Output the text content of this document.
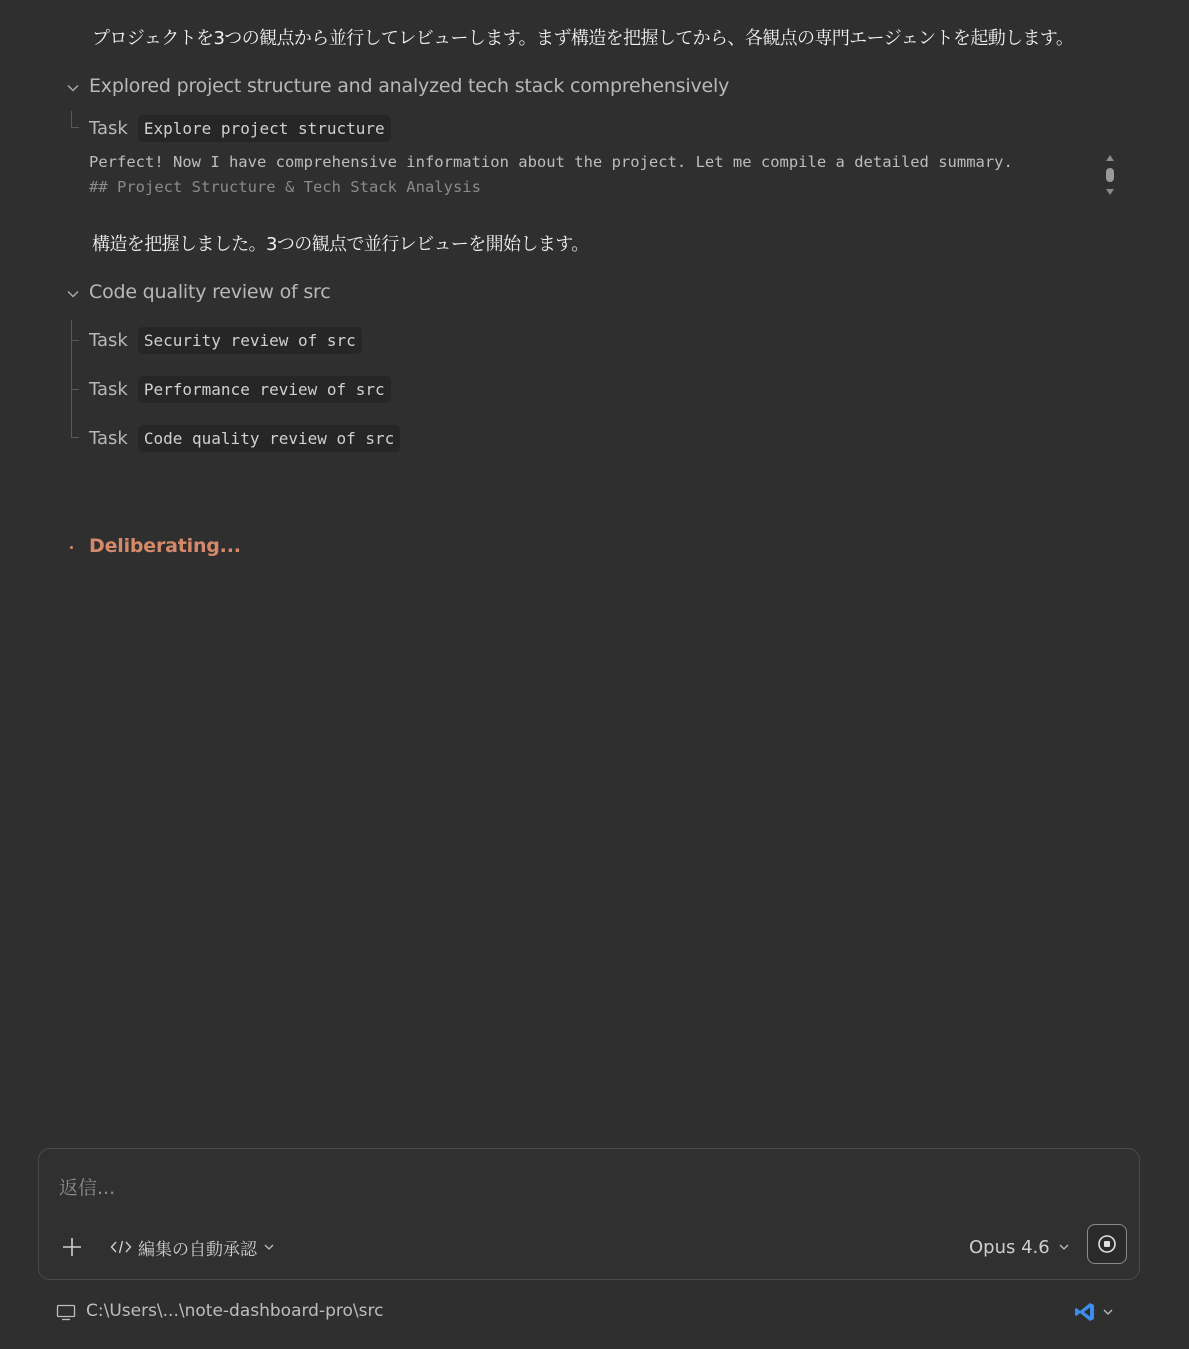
プロジェクトを3つの観点から並行してレビューします。まず構造を把握してから、各観点の専門エージェントを起動します。
Explored project structure and analyzed tech stack comprehensively
Task	Explore project structure
Perfect! Now I have comprehensive information about the project. Let me compile a detailed summary.
## Project Structure & Tech Stack Analysis
構造を把握しました。3つの観点で並行レビューを開始します。
Code quality review of src
Task	Security review of src
Task	Performance review of src
Task	Code quality review of src
Deliberating...
返信...
編集の自動承認	Opus 4.6
C:\Users\...\note-dashboard-pro\src
